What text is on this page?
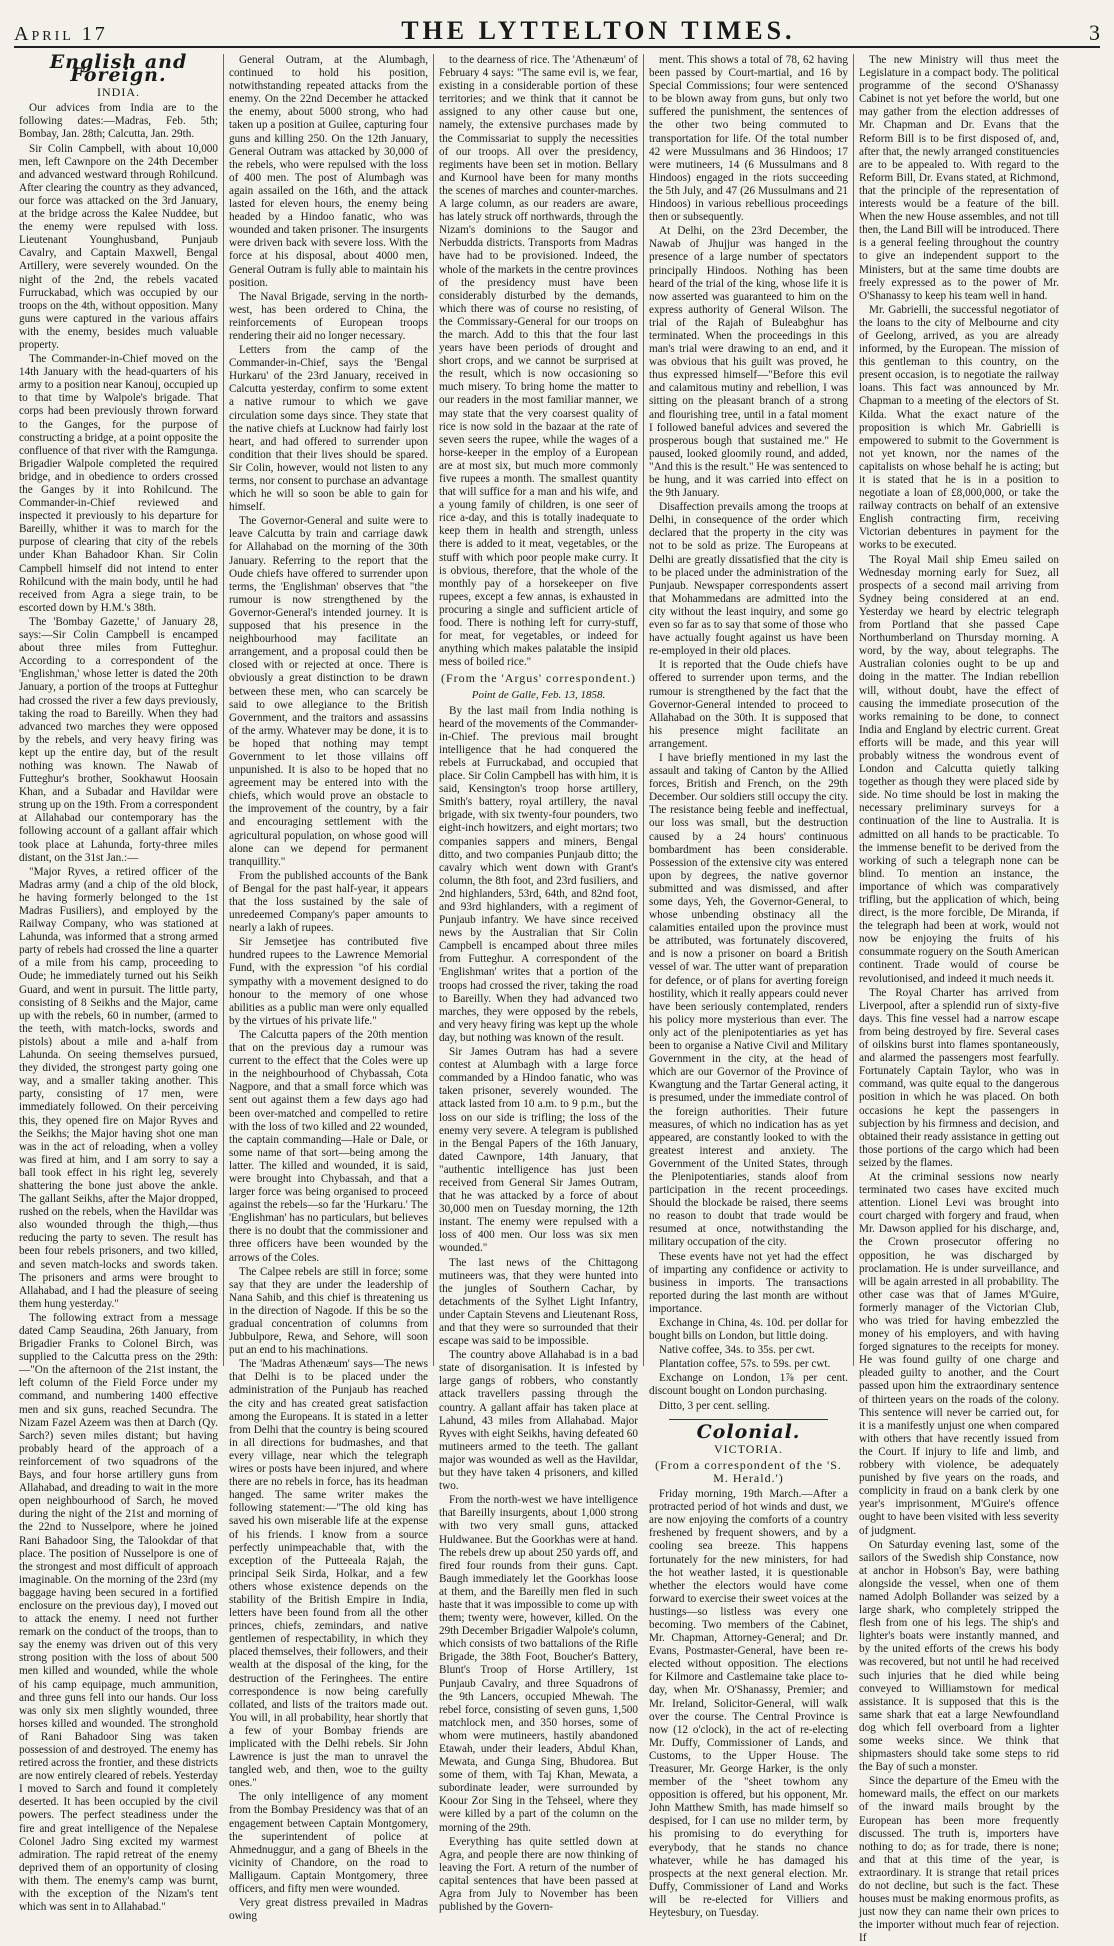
April 17	THE LYTTELTON TIMES.	3
English and Foreign.
INDIA.

Our advices from India are to the following dates:—Madras, Feb. 5th; Bombay, Jan. 28th; Calcutta, Jan. 29th.

Sir Colin Campbell, with about 10,000 men, left Cawnpore on the 24th December and advanced westward through Rohilcund. After clearing the country as they advanced, our force was attacked on the 3rd January, at the bridge across the Kalee Nuddee, but the enemy were repulsed with loss. Lieutenant Younghusband, Punjaub Cavalry, and Captain Maxwell, Bengal Artillery, were severely wounded. On the night of the 2nd, the rebels vacated Furruckabad, which was occupied by our troops on the 4th, without opposition. Many guns were captured in the various affairs with the enemy, besides much valuable property.

The Commander-in-Chief moved on the 14th January with the head-quarters of his army to a position near Kanouj, occupied up to that time by Walpole's brigade. That corps had been previously thrown forward to the Ganges, for the purpose of constructing a bridge, at a point opposite the confluence of that river with the Ramgunga. Brigadier Walpole completed the required bridge, and in obedience to orders crossed the Ganges by it into Rohilcund. The Commander-in-Chief reviewed and inspected it previously to his departure for Bareilly, whither it was to march for the purpose of clearing that city of the rebels under Khan Bahadoor Khan. Sir Colin Campbell himself did not intend to enter Rohilcund with the main body, until he had received from Agra a siege train, to be escorted down by H.M.'s 38th.

The 'Bombay Gazette,' of January 28, says:—Sir Colin Campbell is encamped about three miles from Futteghur. According to a correspondent of the 'Englishman,' whose letter is dated the 20th January, a portion of the troops at Futteghur had crossed the river a few days previously, taking the road to Bareilly. When they had advanced two marches they were opposed by the rebels, and very heavy firing was kept up the entire day, but of the result nothing was known. The Nawab of Futteghur's brother, Sookhawut Hoosain Khan, and a Subadar and Havildar were strung up on the 19th. From a correspondent at Allahabad our contemporary has the following account of a gallant affair which took place at Lahunda, forty-three miles distant, on the 31st Jan.:—

"Major Ryves, a retired officer of the Madras army (and a chip of the old block, he having formerly belonged to the 1st Madras Fusiliers), and employed by the Railway Company, who was stationed at Lahunda, was informed that a strong armed party of rebels had crossed the line a quarter of a mile from his camp, proceeding to Oude; he immediately turned out his Seikh Guard, and went in pursuit. The little party, consisting of 8 Seikhs and the Major, came up with the rebels, 60 in number, (armed to the teeth, with match-locks, swords and pistols) about a mile and a-half from Lahunda. On seeing themselves pursued, they divided, the strongest party going one way, and a smaller taking another. This party, consisting of 17 men, were immediately followed. On their perceiving this, they opened fire on Major Ryves and the Seikhs; the Major having shot one man was in the act of reloading, when a volley was fired at him, and I am sorry to say a ball took effect in his right leg, severely shattering the bone just above the ankle. The gallant Seikhs, after the Major dropped, rushed on the rebels, when the Havildar was also wounded through the thigh,—thus reducing the party to seven. The result has been four rebels prisoners, and two killed, and seven match-locks and swords taken. The prisoners and arms were brought to Allahabad, and I had the pleasure of seeing them hung yesterday."

The following extract from a message dated Camp Seaudina, 26th January, from Brigadier Franks to Colonel Birch, was supplied to the Calcutta press on the 29th:—"On the afternoon of the 21st instant, the left column of the Field Force under my command, and numbering 1400 effective men and six guns, reached Secundra. The Nizam Fazel Azeem was then at Darch (Qy. Sarch?) seven miles distant; but having probably heard of the approach of a reinforcement of two squadrons of the Bays, and four horse artillery guns from Allahabad, and dreading to wait in the more open neighbourhood of Sarch, he moved during the night of the 21st and morning of the 22nd to Nusselpore, where he joined Rani Bahadoor Sing, the Talookdar of that place. The position of Nusselpore is one of the strongest and most difficult of approach imaginable. On the morning of the 23rd (my baggage having been secured in a fortified enclosure on the previous day), I moved out to attack the enemy. I need not further remark on the conduct of the troops, than to say the enemy was driven out of this very strong position with the loss of about 500 men killed and wounded, while the whole of his camp equipage, much ammunition, and three guns fell into our hands. Our loss was only six men slightly wounded, three horses killed and wounded. The stronghold of Rani Bahadoor Sing was taken possession of and destroyed. The enemy has retired across the frontier, and these districts are now entirely cleared of rebels. Yesterday I moved to Sarch and found it completely deserted. It has been occupied by the civil powers. The perfect steadiness under the fire and great intelligence of the Nepalese Colonel Jadro Sing excited my warmest admiration. The rapid retreat of the enemy deprived them of an opportunity of closing with them. The enemy's camp was burnt, with the exception of the Nizam's tent which was sent in to Allahabad."

General Outram, at the Alumbagh, continued to hold his position, notwithstanding repeated attacks from the enemy. On the 22nd December he attacked the enemy, about 5000 strong, who had taken up a position at Guilee, capturing four guns and killing 250. On the 12th January, General Outram was attacked by 30,000 of the rebels, who were repulsed with the loss of 400 men. The post of Alumbagh was again assailed on the 16th, and the attack lasted for eleven hours, the enemy being headed by a Hindoo fanatic, who was wounded and taken prisoner. The insurgents were driven back with severe loss. With the force at his disposal, about 4000 men, General Outram is fully able to maintain his position.

The Naval Brigade, serving in the north-west, has been ordered to China, the reinforcements of European troops rendering their aid no longer necessary.

Letters from the camp of the Commander-in-Chief, says the 'Bengal Hurkaru' of the 23rd January, received in Calcutta yesterday, confirm to some extent a native rumour to which we gave circulation some days since. They state that the native chiefs at Lucknow had fairly lost heart, and had offered to surrender upon condition that their lives should be spared. Sir Colin, however, would not listen to any terms, nor consent to purchase an advantage which he will so soon be able to gain for himself.

The Governor-General and suite were to leave Calcutta by train and carriage dawk for Allahabad on the morning of the 30th January. Referring to the report that the Oude chiefs have offered to surrender upon terms, the 'Englishman' observes that "the rumour is now strengthened by the Governor-General's intended journey. It is supposed that his presence in the neighbourhood may facilitate an arrangement, and a proposal could then be closed with or rejected at once. There is obviously a great distinction to be drawn between these men, who can scarcely be said to owe allegiance to the British Government, and the traitors and assassins of the army. Whatever may be done, it is to be hoped that nothing may tempt Government to let those villains off unpunished. It is also to be hoped that no agreement may be entered into with the chiefs, which would prove an obstacle to the improvement of the country, by a fair and encouraging settlement with the agricultural population, on whose good will alone can we depend for permanent tranquillity."

From the published accounts of the Bank of Bengal for the past half-year, it appears that the loss sustained by the sale of unredeemed Company's paper amounts to nearly a lakh of rupees.

Sir Jemsetjee has contributed five hundred rupees to the Lawrence Memorial Fund, with the expression "of his cordial sympathy with a movement designed to do honour to the memory of one whose abilities as a public man were only equalled by the virtues of his private life."

The Calcutta papers of the 20th mention that on the previous day a rumour was current to the effect that the Coles were up in the neighbourhood of Chybassah, Cota Nagpore, and that a small force which was sent out against them a few days ago had been over-matched and compelled to retire with the loss of two killed and 22 wounded, the captain commanding—Hale or Dale, or some name of that sort—being among the latter. The killed and wounded, it is said, were brought into Chybassah, and that a larger force was being organised to proceed against the rebels—so far the 'Hurkaru.' The 'Englishman' has no particulars, but believes there is no doubt that the commissioner and three officers have been wounded by the arrows of the Coles.

The Calpee rebels are still in force; some say that they are under the leadership of Nana Sahib, and this chief is threatening us in the direction of Nagode. If this be so the gradual concentration of columns from Jubbulpore, Rewa, and Sehore, will soon put an end to his machinations.

The 'Madras Athenæum' says—The news that Delhi is to be placed under the administration of the Punjaub has reached the city and has created great satisfaction among the Europeans. It is stated in a letter from Delhi that the country is being scoured in all directions for budmashes, and that every village, near which the telegraph wires or posts have been injured, and where there are no rebels in force, has its headman hanged. The same writer makes the following statement:—"The old king has saved his own miserable life at the expense of his friends. I know from a source perfectly unimpeachable that, with the exception of the Putteeala Rajah, the principal Seik Sirda, Holkar, and a few others whose existence depends on the stability of the British Empire in India, letters have been found from all the other princes, chiefs, zemindars, and native gentlemen of respectability, in which they placed themselves, their followers, and their wealth at the disposal of the king, for the destruction of the Feringhees. The entire correspondence is now being carefully collated, and lists of the traitors made out. You will, in all probability, hear shortly that a few of your Bombay friends are implicated with the Delhi rebels. Sir John Lawrence is just the man to unravel the tangled web, and then, woe to the guilty ones."

The only intelligence of any moment from the Bombay Presidency was that of an engagement between Captain Montgomery, the superintendent of police at Ahmednuggur, and a gang of Bheels in the vicinity of Chandore, on the road to Malligaum. Captain Montgomery, three officers, and fifty men were wounded.

Very great distress prevailed in Madras owing

to the dearness of rice. The 'Athenæum' of February 4 says: "The same evil is, we fear, existing in a considerable portion of these territories; and we think that it cannot be assigned to any other cause but one, namely, the extensive purchases made by the Commissariat to supply the necessities of our troops. All over the presidency, regiments have been set in motion. Bellary and Kurnool have been for many months the scenes of marches and counter-marches. A large column, as our readers are aware, has lately struck off northwards, through the Nizam's dominions to the Saugor and Nerbudda districts. Transports from Madras have had to be provisioned. Indeed, the whole of the markets in the centre provinces of the presidency must have been considerably disturbed by the demands, which there was of course no resisting, of the Commissary-General for our troops on the march. Add to this that the four last years have been periods of drought and short crops, and we cannot be surprised at the result, which is now occasioning so much misery. To bring home the matter to our readers in the most familiar manner, we may state that the very coarsest quality of rice is now sold in the bazaar at the rate of seven seers the rupee, while the wages of a horse-keeper in the employ of a European are at most six, but much more commonly five rupees a month. The smallest quantity that will suffice for a man and his wife, and a young family of children, is one seer of rice a-day, and this is totally inadequate to keep them in health and strength, unless there is added to it meat, vegetables, or the stuff with which poor people make curry. It is obvious, therefore, that the whole of the monthly pay of a horsekeeper on five rupees, except a few annas, is exhausted in procuring a single and sufficient article of food. There is nothing left for curry-stuff, for meat, for vegetables, or indeed for anything which makes palatable the insipid mess of boiled rice."

(From the 'Argus' correspondent.)
Point de Galle, Feb. 13, 1858.

By the last mail from India nothing is heard of the movements of the Commander-in-Chief. The previous mail brought intelligence that he had conquered the rebels at Furruckabad, and occupied that place. Sir Colin Campbell has with him, it is said, Kensington's troop horse artillery, Smith's battery, royal artillery, the naval brigade, with six twenty-four pounders, two eight-inch howitzers, and eight mortars; two companies sappers and miners, Bengal ditto, and two companies Punjaub ditto; the cavalry which went down with Grant's column, the 8th foot, and 23rd fusiliers, and 2nd highlanders, 53rd, 64th, and 82nd foot, and 93rd highlanders, with a regiment of Punjaub infantry. We have since received news by the Australian that Sir Colin Campbell is encamped about three miles from Futteghur. A correspondent of the 'Englishman' writes that a portion of the troops had crossed the river, taking the road to Bareilly. When they had advanced two marches, they were opposed by the rebels, and very heavy firing was kept up the whole day, but nothing was known of the result.

Sir James Outram has had a severe contest at Alumbagh with a large force commanded by a Hindoo fanatic, who was taken prisoner, severely wounded. The attack lasted from 10 a.m. to 9 p.m., but the loss on our side is trifling; the loss of the enemy very severe. A telegram is published in the Bengal Papers of the 16th January, dated Cawnpore, 14th January, that "authentic intelligence has just been received from General Sir James Outram, that he was attacked by a force of about 30,000 men on Tuesday morning, the 12th instant. The enemy were repulsed with a loss of 400 men. Our loss was six men wounded."

The last news of the Chittagong mutineers was, that they were hunted into the jungles of Southern Cachar, by detachments of the Sylhet Light Infantry, under Captain Stevens and Lieutenant Ross, and that they were so surrounded that their escape was said to be impossible.

The country above Allahabad is in a bad state of disorganisation. It is infested by large gangs of robbers, who constantly attack travellers passing through the country. A gallant affair has taken place at Lahund, 43 miles from Allahabad. Major Ryves with eight Seikhs, having defeated 60 mutineers armed to the teeth. The gallant major was wounded as well as the Havildar, but they have taken 4 prisoners, and killed two.

From the north-west we have intelligence that Bareilly insurgents, about 1,000 strong with two very small guns, attacked Huldwanee. But the Goorkhas were at hand. The rebels drew up about 250 yards off, and fired four rounds from their guns. Capt. Baugh immediately let the Goorkhas loose at them, and the Bareilly men fled in such haste that it was impossible to come up with them; twenty were, however, killed. On the 29th December Brigadier Walpole's column, which consists of two battalions of the Rifle Brigade, the 38th Foot, Boucher's Battery, Blunt's Troop of Horse Artillery, 1st Punjaub Cavalry, and three Squadrons of the 9th Lancers, occupied Mhewah. The rebel force, consisting of seven guns, 1,500 matchlock men, and 350 horses, some of whom were mutineers, hastily abandoned Etawah, under their leaders, Abdul Khan, Mewata, and Gunga Sing, Bhudorea. But some of them, with Taj Khan, Mewata, a subordinate leader, were surrounded by Koour Zor Sing in the Tehseel, where they were killed by a part of the column on the morning of the 29th.

Everything has quite settled down at Agra, and people there are now thinking of leaving the Fort. A return of the number of capital sentences that have been passed at Agra from July to November has been published by the Govern-

ment. This shows a total of 78, 62 having been passed by Court-martial, and 16 by Special Commissions; four were sentenced to be blown away from guns, but only two suffered the punishment, the sentences of the other two being commuted to transportation for life. Of the total number 42 were Mussulmans and 36 Hindoos; 17 were mutineers, 14 (6 Mussulmans and 8 Hindoos) engaged in the riots succeeding the 5th July, and 47 (26 Mussulmans and 21 Hindoos) in various rebellious proceedings then or subsequently.

At Delhi, on the 23rd December, the Nawab of Jhujjur was hanged in the presence of a large number of spectators principally Hindoos. Nothing has been heard of the trial of the king, whose life it is now asserted was guaranteed to him on the express authority of General Wilson. The trial of the Rajah of Buleabghur has terminated. When the proceedings in this man's trial were drawing to an end, and it was obvious that his guilt was proved, he thus expressed himself—"Before this evil and calamitous mutiny and rebellion, I was sitting on the pleasant branch of a strong and flourishing tree, until in a fatal moment I followed baneful advices and severed the prosperous bough that sustained me." He paused, looked gloomily round, and added, "And this is the result." He was sentenced to be hung, and it was carried into effect on the 9th January.

Disaffection prevails among the troops at Delhi, in consequence of the order which declared that the property in the city was not to be sold as prize. The Europeans at Delhi are greatly dissatisfied that the city is to be placed under the administration of the Punjaub. Newspaper correspondents assert that Mohammedans are admitted into the city without the least inquiry, and some go even so far as to say that some of those who have actually fought against us have been re-employed in their old places.

It is reported that the Oude chiefs have offered to surrender upon terms, and the rumour is strengthened by the fact that the Governor-General intended to proceed to Allahabad on the 30th. It is supposed that his presence might facilitate an arrangement.

I have briefly mentioned in my last the assault and taking of Canton by the Allied forces, British and French, on the 29th December. Our soldiers still occupy the city. The resistance being feeble and ineffectual, our loss was small, but the destruction caused by a 24 hours' continuous bombardment has been considerable. Possession of the extensive city was entered upon by degrees, the native governor submitted and was dismissed, and after some days, Yeh, the Governor-General, to whose unbending obstinacy all the calamities entailed upon the province must be attributed, was fortunately discovered, and is now a prisoner on board a British vessel of war. The utter want of preparation for defence, or of plans for averting foreign hostility, which it really appears could never have been seriously contemplated, renders his policy more mysterious than ever. The only act of the plenipotentiaries as yet has been to organise a Native Civil and Military Government in the city, at the head of which are our Governor of the Province of Kwangtung and the Tartar General acting, it is presumed, under the immediate control of the foreign authorities. Their future measures, of which no indication has as yet appeared, are constantly looked to with the greatest interest and anxiety. The Government of the United States, through the Plenipotentiaries, stands aloof from participation in the recent proceedings. Should the blockade be raised, there seems no reason to doubt that trade would be resumed at once, notwithstanding the military occupation of the city.

These events have not yet had the effect of imparting any confidence or activity to business in imports. The transactions reported during the last month are without importance.

Exchange in China, 4s. 10d. per dollar for bought bills on London, but little doing.

Native coffee, 34s. to 35s. per cwt.

Plantation coffee, 57s. to 59s. per cwt.

Exchange on London, 1⅞ per cent. discount bought on London purchasing.

Ditto, 3 per cent. selling.

Colonial.
VICTORIA.
(From a correspondent of the 'S. M. Herald.')

Friday morning, 19th March.—After a protracted period of hot winds and dust, we are now enjoying the comforts of a country freshened by frequent showers, and by a cooling sea breeze. This happens fortunately for the new ministers, for had the hot weather lasted, it is questionable whether the electors would have come forward to exercise their sweet voices at the hustings—so listless was every one becoming. Two members of the Cabinet, Mr. Chapman, Attorney-General; and Dr. Evans, Postmaster-General, have been re-elected without opposition. The elections for Kilmore and Castlemaine take place to-day, when Mr. O'Shanassy, Premier; and Mr. Ireland, Solicitor-General, will walk over the course. The Central Province is now (12 o'clock), in the act of re-electing Mr. Duffy, Commissioner of Lands, and Customs, to the Upper House. The Treasurer, Mr. George Harker, is the only member of the "sheet towhom any opposition is offered, but his opponent, Mr. John Matthew Smith, has made himself so despised, for I can use no milder term, by his promising to do everything for everybody, that he stands no chance whatever, while he has damaged his prospects at the next general election. Mr. Duffy, Commissioner of Land and Works will be re-elected for Villiers and Heytesbury, on Tuesday.

The new Ministry will thus meet the Legislature in a compact body. The political programme of the second O'Shanassy Cabinet is not yet before the world, but one may gather from the election addresses of Mr. Chapman and Dr. Evans that the Reform Bill is to be first disposed of, and, after that, the newly arranged constituencies are to be appealed to. With regard to the Reform Bill, Dr. Evans stated, at Richmond, that the principle of the representation of interests would be a feature of the bill. When the new House assembles, and not till then, the Land Bill will be introduced. There is a general feeling throughout the country to give an independent support to the Ministers, but at the same time doubts are freely expressed as to the power of Mr. O'Shanassy to keep his team well in hand.

Mr. Gabrielli, the successful negotiator of the loans to the city of Melbourne and city of Geelong, arrived, as you are already informed, by the European. The mission of this gentleman to this country, on the present occasion, is to negotiate the railway loans. This fact was announced by Mr. Chapman to a meeting of the electors of St. Kilda. What the exact nature of the proposition is which Mr. Gabrielli is empowered to submit to the Government is not yet known, nor the names of the capitalists on whose behalf he is acting; but it is stated that he is in a position to negotiate a loan of £8,000,000, or take the railway contracts on behalf of an extensive English contracting firm, receiving Victorian debentures in payment for the works to be executed.

The Royal Mail ship Emeu sailed on Wednesday morning early for Suez, all prospects of a second mail arriving from Sydney being considered at an end. Yesterday we heard by electric telegraph from Portland that she passed Cape Northumberland on Thursday morning. A word, by the way, about telegraphs. The Australian colonies ought to be up and doing in the matter. The Indian rebellion will, without doubt, have the effect of causing the immediate prosecution of the works remaining to be done, to connect India and England by electric current. Great efforts will be made, and this year will probably witness the wondrous event of London and Calcutta quietly talking together as though they were placed side by side. No time should be lost in making the necessary preliminary surveys for a continuation of the line to Australia. It is admitted on all hands to be practicable. To the immense benefit to be derived from the working of such a telegraph none can be blind. To mention an instance, the importance of which was comparatively trifling, but the application of which, being direct, is the more forcible, De Miranda, if the telegraph had been at work, would not now be enjoying the fruits of his consummate roguery on the South American continent. Trade would of course be revolutionised, and indeed it much needs it.

The Royal Charter has arrived from Liverpool, after a splendid run of sixty-five days. This fine vessel had a narrow escape from being destroyed by fire. Several cases of oilskins burst into flames spontaneously, and alarmed the passengers most fearfully. Fortunately Captain Taylor, who was in command, was quite equal to the dangerous position in which he was placed. On both occasions he kept the passengers in subjection by his firmness and decision, and obtained their ready assistance in getting out those portions of the cargo which had been seized by the flames.

At the criminal sessions now nearly terminated two cases have excited much attention. Lionel Levi was brought into court charged with forgery and fraud, when Mr. Dawson applied for his discharge, and, the Crown prosecutor offering no opposition, he was discharged by proclamation. He is under surveillance, and will be again arrested in all probability. The other case was that of James M'Guire, formerly manager of the Victorian Club, who was tried for having embezzled the money of his employers, and with having forged signatures to the receipts for money. He was found guilty of one charge and pleaded guilty to another, and the Court passed upon him the extraordinary sentence of thirteen years on the roads of the colony. This sentence will never be carried out, for it is a manifestly unjust one when compared with others that have recently issued from the Court. If injury to life and limb, and robbery with violence, be adequately punished by five years on the roads, and complicity in fraud on a bank clerk by one year's imprisonment, M'Guire's offence ought to have been visited with less severity of judgment.

On Saturday evening last, some of the sailors of the Swedish ship Constance, now at anchor in Hobson's Bay, were bathing alongside the vessel, when one of them named Adolph Bollander was seized by a large shark, who completely stripped the flesh from one of his legs. The ship's and lighter's boats were instantly manned, and by the united efforts of the crews his body was recovered, but not until he had received such injuries that he died while being conveyed to Williamstown for medical assistance. It is supposed that this is the same shark that eat a large Newfoundland dog which fell overboard from a lighter some weeks since. We think that shipmasters should take some steps to rid the Bay of such a monster.

Since the departure of the Emeu with the homeward mails, the effect on our markets of the inward mails brought by the European has been more frequently discussed. The truth is, importers have nothing to do; as for trade, there is none; and that at this time of the year, is extraordinary. It is strange that retail prices do not decline, but such is the fact. These houses must be making enormous profits, as just now they can name their own prices to the importer without much fear of rejection. If
